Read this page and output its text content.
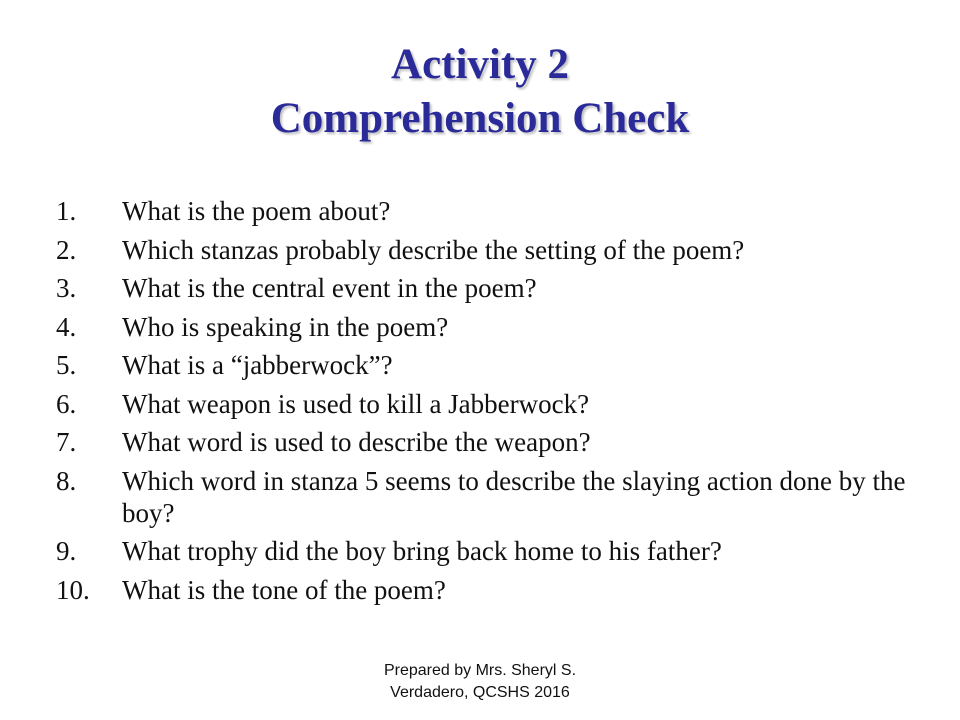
Activity 2
Comprehension Check
1.	What is the poem about?
2.	Which stanzas probably describe the setting of the poem?
3.	What is the central event in the poem?
4.	Who is speaking in the poem?
5.	What is a “jabberwock”?
6.	What weapon is used to kill a Jabberwock?
7.	What word is used to describe the weapon?
8.	Which word in stanza 5 seems to describe the slaying action done by the boy?
9.	What trophy did the boy bring back home to his father?
10.	What is the tone of the poem?
Prepared by Mrs. Sheryl S.
Verdadero, QCSHS 2016
